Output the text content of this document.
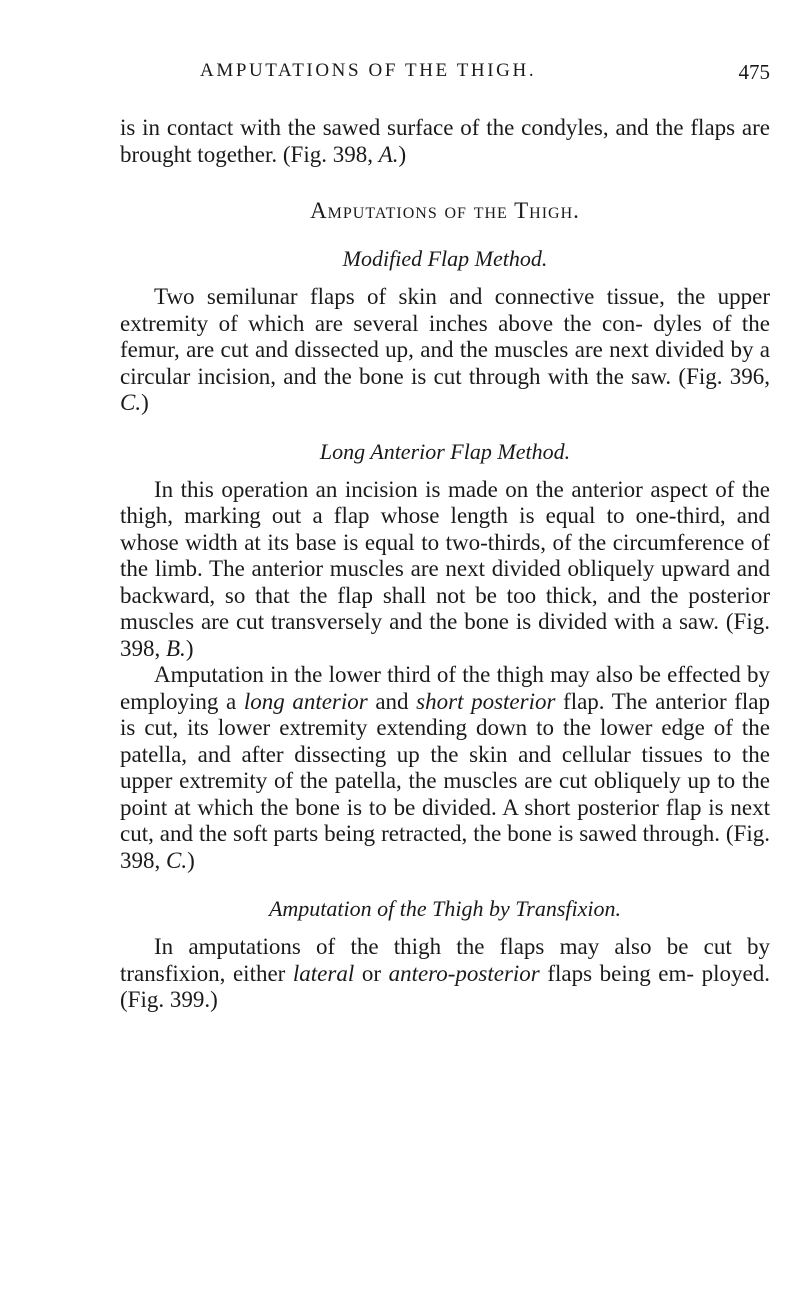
AMPUTATIONS OF THE THIGH.	475

is in contact with the sawed surface of the condyles, and the flaps are brought together. (Fig. 398, A.)

Amputations of the Thigh.
Modified Flap Method.

Two semilunar flaps of skin and connective tissue, the upper extremity of which are several inches above the con- dyles of the femur, are cut and dissected up, and the muscles are next divided by a circular incision, and the bone is cut through with the saw. (Fig. 396, C.)

Long Anterior Flap Method.

In this operation an incision is made on the anterior aspect of the thigh, marking out a flap whose length is equal to one-third, and whose width at its base is equal to two-thirds, of the circumference of the limb. The anterior muscles are next divided obliquely upward and backward, so that the flap shall not be too thick, and the posterior muscles are cut transversely and the bone is divided with a saw. (Fig. 398, B.)

Amputation in the lower third of the thigh may also be effected by employing a long anterior and short posterior flap. The anterior flap is cut, its lower extremity extending down to the lower edge of the patella, and after dissecting up the skin and cellular tissues to the upper extremity of the patella, the muscles are cut obliquely up to the point at which the bone is to be divided. A short posterior flap is next cut, and the soft parts being retracted, the bone is sawed through. (Fig. 398, C.)

Amputation of the Thigh by Transfixion.

In amputations of the thigh the flaps may also be cut by transfixion, either lateral or antero-posterior flaps being em- ployed. (Fig. 399.)
